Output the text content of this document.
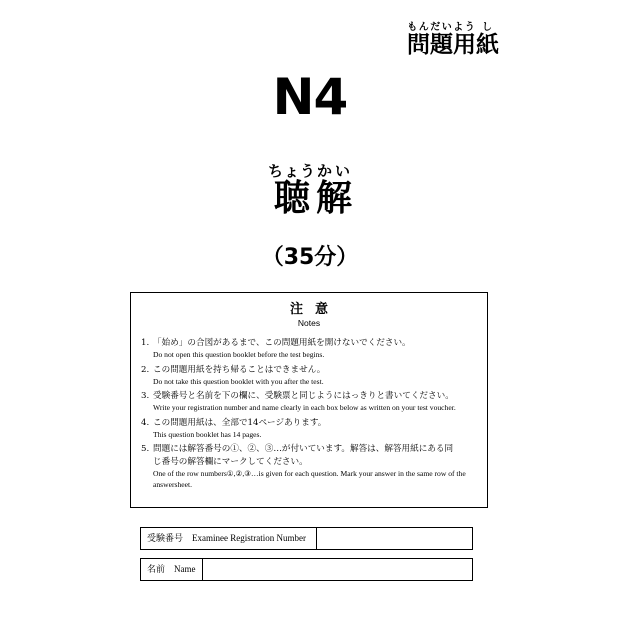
問もん題だい用よう紙し
N4
聴ちょう解かい
（35分）
注意
Notes
1. 「始め」の合図があるまで、この問題用紙を開けないでください。
Do not open this question booklet before the test begins.
2. この問題用紙を持ち帰ることはできません。
Do not take this question booklet with you after the test.
3. 受験番号と名前を下の欄に、受験票と同じようにはっきりと書いてください。
Write your registration number and name clearly in each box below as written on your test voucher.
4. この問題用紙は、全部で14ページあります。
This question booklet has 14 pages.
5. 問題には解答番号の①、②、③…が付いています。解答は、解答用紙にある同
じ番号の解答欄にマークしてください。
One of the row numbers①,②,③…is given for each question. Mark your answer in the same row of the answersheet.
受験番号　Examinee Registration Number
名前　Name
